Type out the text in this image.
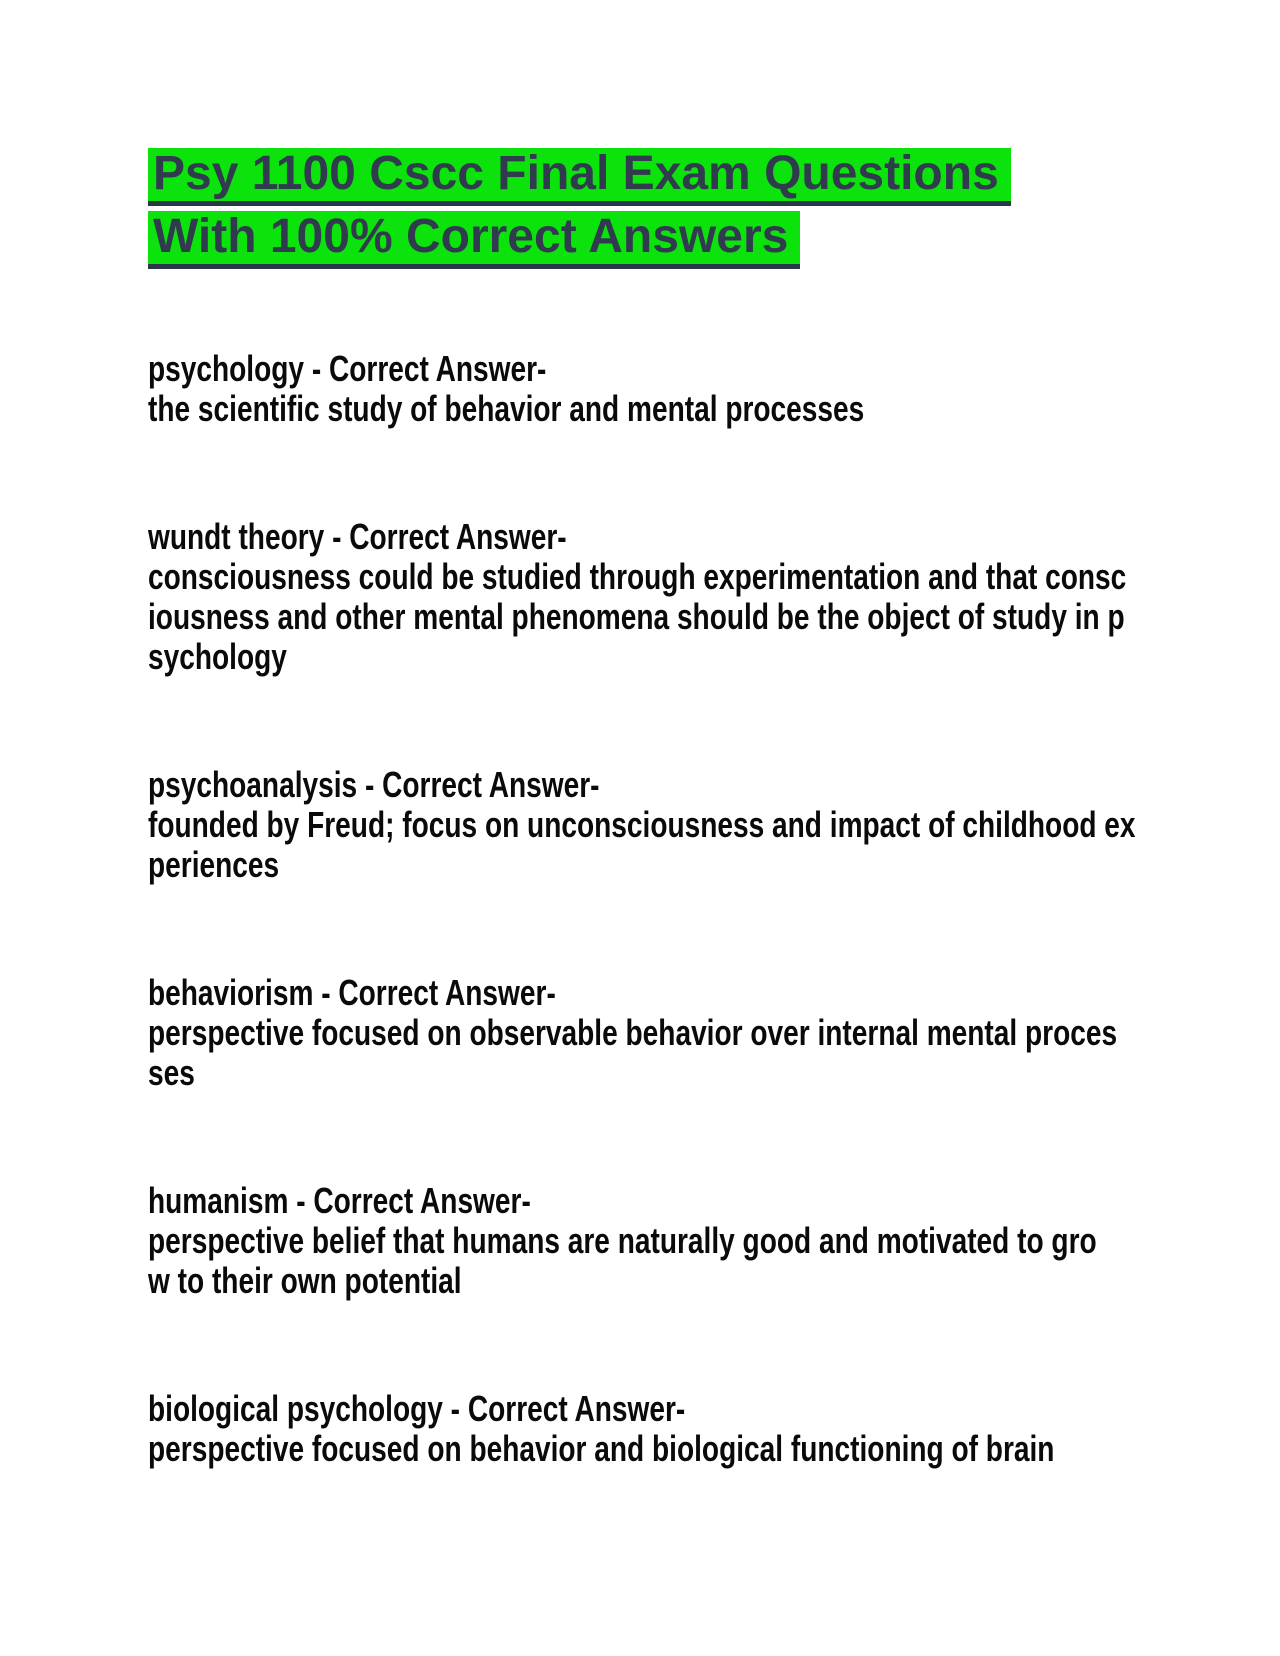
Psy 1100 Cscc Final Exam Questions
With 100% Correct Answers
psychology - Correct Answer-
the scientific study of behavior and mental processes
wundt theory - Correct Answer-
consciousness could be studied through experimentation and that consc
iousness and other mental phenomena should be the object of study in p
sychology
psychoanalysis - Correct Answer-
founded by Freud; focus on unconsciousness and impact of childhood ex
periences
behaviorism - Correct Answer-
perspective focused on observable behavior over internal mental proces
ses
humanism - Correct Answer-
perspective belief that humans are naturally good and motivated to gro
w to their own potential
biological psychology - Correct Answer-
perspective focused on behavior and biological functioning of brain
